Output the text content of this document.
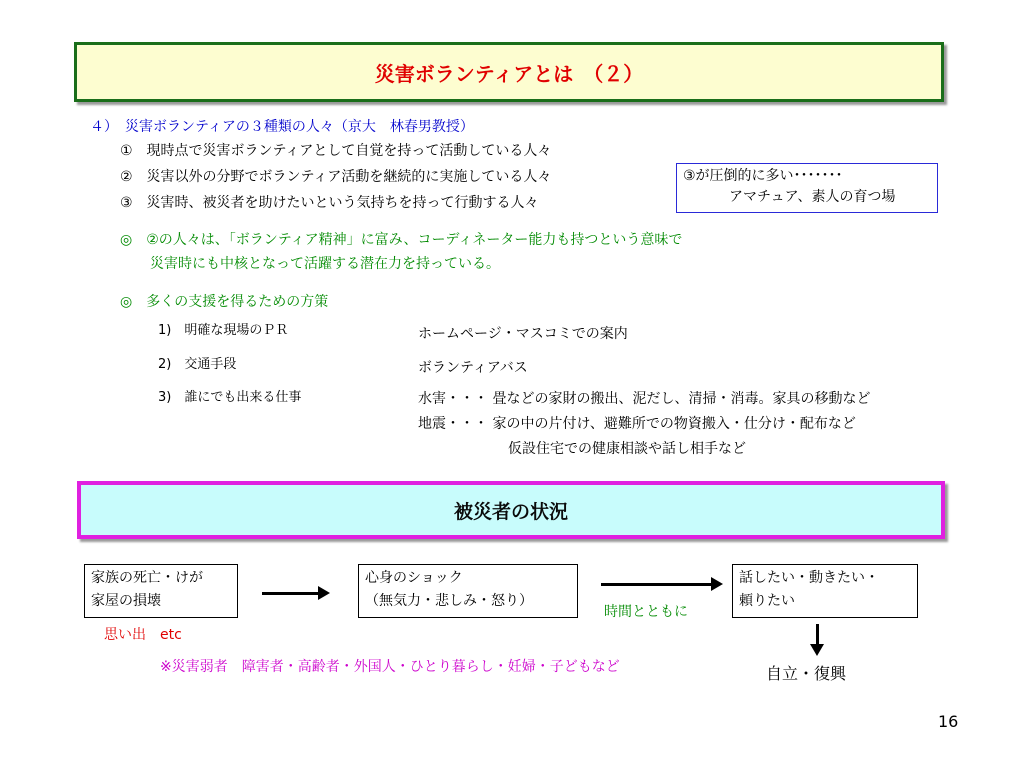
災害ボランティアとは　（２）
４）　災害ボランティアの３種類の人々（京大　林春男教授）
①　現時点で災害ボランティアとして自覚を持って活動している人々
②　災害以外の分野でボランティア活動を継続的に実施している人々
③　災害時、被災者を助けたいという気持ちを持って行動する人々
③が圧倒的に多い･･･････
アマチュア、素人の育つ場
◎　②の人々は、「ボランティア精神」に富み、コーディネーター能力も持つという意味で
災害時にも中核となって活躍する潜在力を持っている。
◎　多くの支援を得るための方策
1)　明確な現場のＰＲ	ホームページ・マスコミでの案内
2)　交通手段	ボランティアバス
3)　誰にでも出来る仕事	水害・・・ 畳などの家財の搬出、泥だし、清掃・消毒。家具の移動など
地震・・・ 家の中の片付け、避難所での物資搬入・仕分け・配布など
仮設住宅での健康相談や話し相手など
被災者の状況
家族の死亡・けが
家屋の損壊
思い出　etc
心身のショック
（無気力・悲しみ・怒り）
時間とともに
話したい・動きたい・
頼りたい
自立・復興
※災害弱者　障害者・高齢者・外国人・ひとり暮らし・妊婦・子どもなど
16
